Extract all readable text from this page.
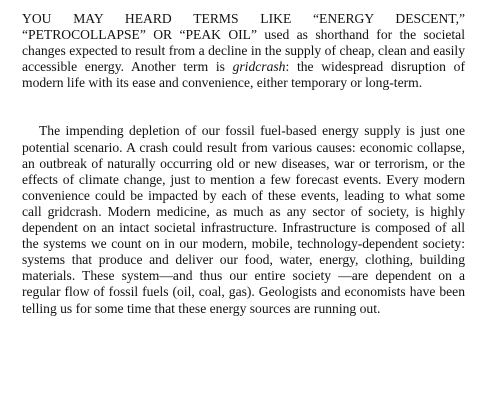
YOU MAY HEARD TERMS LIKE “ENERGY DESCENT,” “PETROCOLLAPSE” OR “PEAK OIL” used as shorthand for the societal changes expected to result from a decline in the supply of cheap, clean and easily accessible energy. Another term is gridcrash: the widespread disruption of modern life with its ease and convenience, either temporary or long-term.

The impending depletion of our fossil fuel-based energy supply is just one potential scenario. A crash could result from various causes: economic collapse, an outbreak of naturally occurring old or new diseases, war or terrorism, or the effects of climate change, just to mention a few forecast events. Every modern convenience could be impacted by each of these events, leading to what some call gridcrash. Modern medicine, as much as any sector of society, is highly dependent on an intact societal infrastructure. Infrastructure is composed of all the systems we count on in our modern, mobile, technology-dependent society: systems that produce and deliver our food, water, energy, clothing, building materials. These system—and thus our entire society —are dependent on a regular flow of fossil fuels (oil, coal, gas). Geologists and economists have been telling us for some time that these energy sources are running out.
